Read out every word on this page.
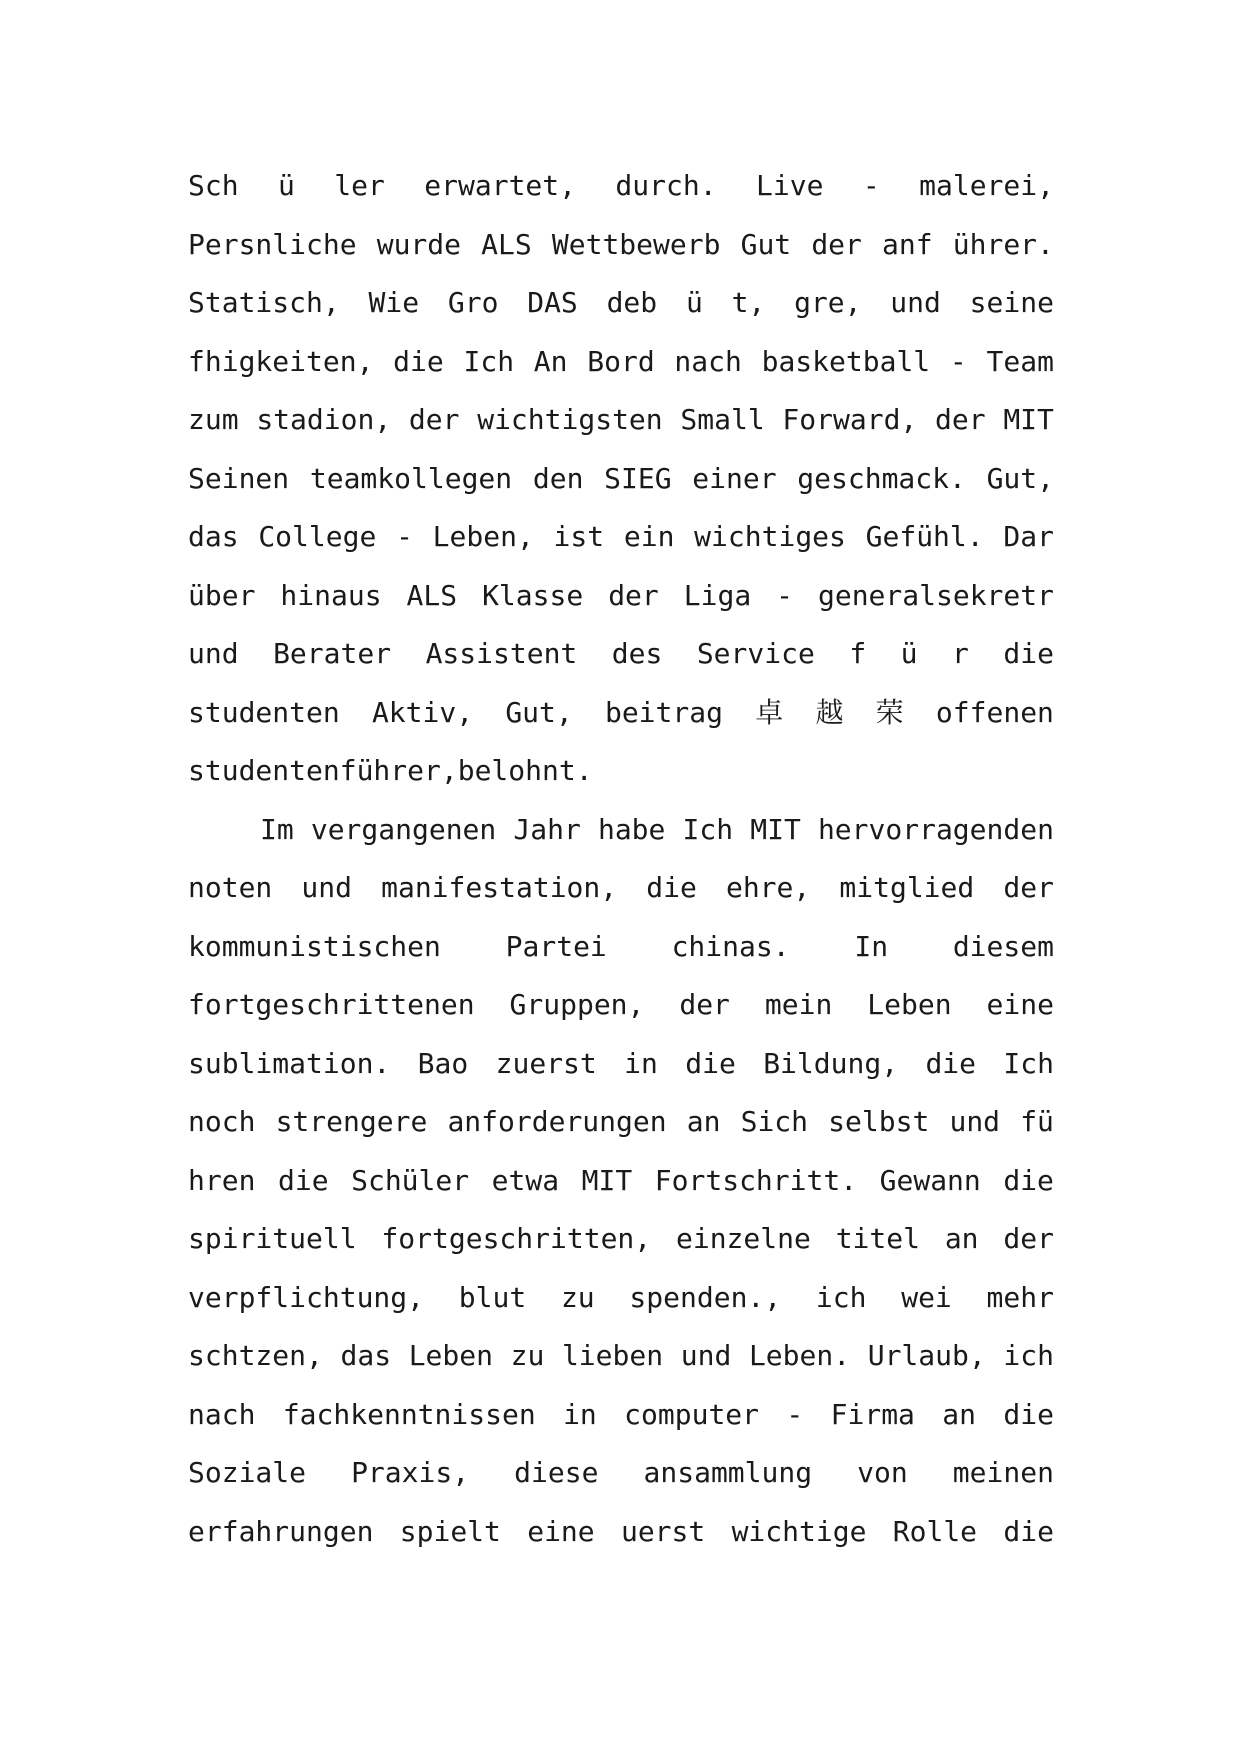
Sch ü ler erwartet, durch. Live - malerei,
Persnliche wurde ALS Wettbewerb Gut der anf ührer.
Statisch, Wie Gro DAS deb ü t, gre, und seine
fhigkeiten, die Ich An Bord nach basketball - Team
zum stadion, der wichtigsten Small Forward, der MIT
Seinen teamkollegen den SIEG einer geschmack. Gut,
das College - Leben, ist ein wichtiges Gefühl. Dar
über hinaus ALS Klasse der Liga - generalsekretr
und Berater Assistent des Service f ü r die
studenten Aktiv, Gut, beitrag 卓 越 荣 offenen
studentenführer, belohnt.
Im vergangenen Jahr habe Ich MIT hervorragenden
noten und manifestation, die ehre, mitglied der
kommunistischen Partei chinas. In diesem
fortgeschrittenen Gruppen, der mein Leben eine
sublimation. Bao zuerst in die Bildung, die Ich
noch strengere anforderungen an Sich selbst und fü
hren die Schüler etwa MIT Fortschritt. Gewann die
spirituell fortgeschritten, einzelne titel an der
verpflichtung, blut zu spenden., ich wei mehr
schtzen, das Leben zu lieben und Leben. Urlaub, ich
nach fachkenntnissen in computer - Firma an die
Soziale Praxis, diese ansammlung von meinen
erfahrungen spielt eine uerst wichtige Rolle die
